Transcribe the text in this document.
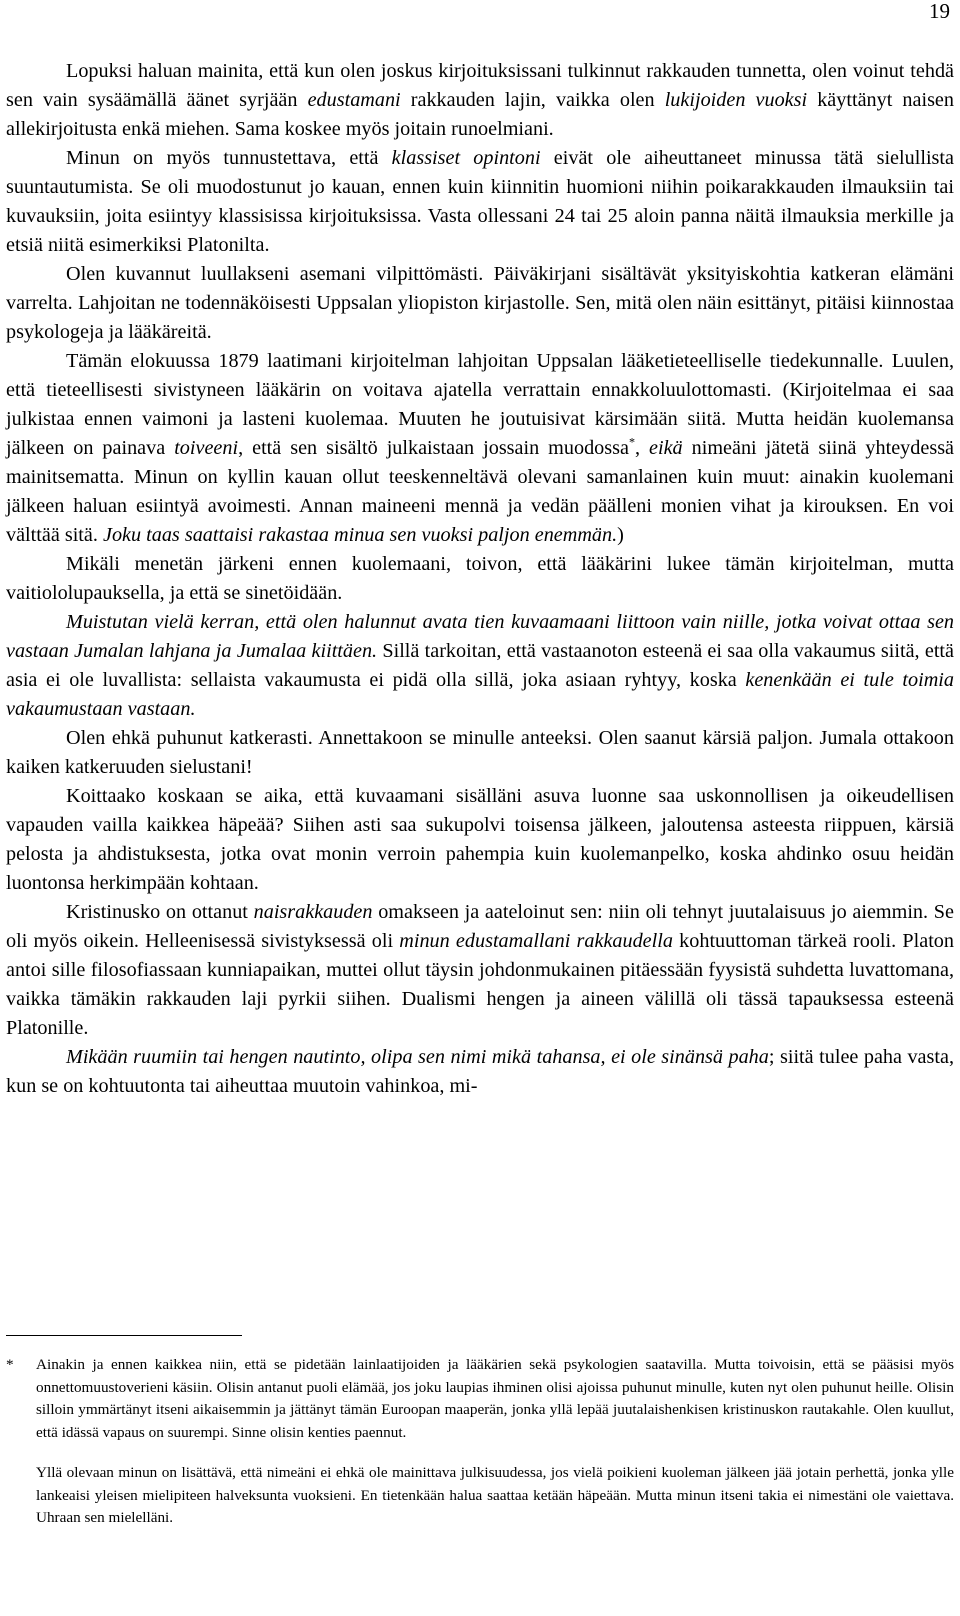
19

Lopuksi haluan mainita, että kun olen joskus kirjoituksissani tulkinnut rakkauden tunnetta, olen voinut tehdä sen vain sysäämällä äänet syrjään edustamani rakkauden lajin, vaikka olen lukijoiden vuoksi käyttänyt naisen allekirjoitusta enkä miehen. Sama koskee myös joitain runoelmiani.

Minun on myös tunnustettava, että klassiset opintoni eivät ole aiheuttaneet minussa tätä sielullista suuntautumista. Se oli muodostunut jo kauan, ennen kuin kiinnitin huomioni niihin poikarakkauden ilmauksiin tai kuvauksiin, joita esiintyy klassisissa kirjoituksissa. Vasta ollessani 24 tai 25 aloin panna näitä ilmauksia merkille ja etsiä niitä esimerkiksi Platonilta.

Olen kuvannut luullakseni asemani vilpittömästi. Päiväkirjani sisältävät yksityiskohtia katkeran elämäni varrelta. Lahjoitan ne todennäköisesti Uppsalan yliopiston kirjastolle. Sen, mitä olen näin esittänyt, pitäisi kiinnostaa psykologeja ja lääkäreitä.

Tämän elokuussa 1879 laatimani kirjoitelman lahjoitan Uppsalan lääketieteelliselle tiedekunnalle. Luulen, että tieteellisesti sivistyneen lääkärin on voitava ajatella verrattain ennakkoluulottomasti. (Kirjoitelmaa ei saa julkistaa ennen vaimoni ja lasteni kuolemaa. Muuten he joutuisivat kärsimään siitä. Mutta heidän kuolemansa jälkeen on painava toiveeni, että sen sisältö julkaistaan jossain muodossa*, eikä nimeäni jätetä siinä yhteydessä mainitsematta. Minun on kyllin kauan ollut teeskenneltävä olevani samanlainen kuin muut: ainakin kuolemani jälkeen haluan esiintyä avoimesti. Annan maineeni mennä ja vedän päälleni monien vihat ja kirouksen. En voi välttää sitä. Joku taas saattaisi rakastaa minua sen vuoksi paljon enemmän.)

Mikäli menetän järkeni ennen kuolemaani, toivon, että lääkärini lukee tämän kirjoitelman, mutta vaitiololupauksella, ja että se sinetöidään.

Muistutan vielä kerran, että olen halunnut avata tien kuvaamaani liittoon vain niille, jotka voivat ottaa sen vastaan Jumalan lahjana ja Jumalaa kiittäen. Sillä tarkoitan, että vastaanoton esteenä ei saa olla vakaumus siitä, että asia ei ole luvallista: sellaista vakaumusta ei pidä olla sillä, joka asiaan ryhtyy, koska kenenkään ei tule toimia vakaumustaan vastaan.

Olen ehkä puhunut katkerasti. Annettakoon se minulle anteeksi. Olen saanut kärsiä paljon. Jumala ottakoon kaiken katkeruuden sielustani!

Koittaako koskaan se aika, että kuvaamani sisälläni asuva luonne saa uskonnollisen ja oikeudellisen vapauden vailla kaikkea häpeää? Siihen asti saa sukupolvi toisensa jälkeen, jaloutensa asteesta riippuen, kärsiä pelosta ja ahdistuksesta, jotka ovat monin verroin pahempia kuin kuolemanpelko, koska ahdinko osuu heidän luontonsa herkimpään kohtaan.

Kristinusko on ottanut naisrakkauden omakseen ja aateloinut sen: niin oli tehnyt juutalaisuus jo aiemmin. Se oli myös oikein. Helleenisessä sivistyksessä oli minun edustamallani rakkaudella kohtuuttoman tärkeä rooli. Platon antoi sille filosofiassaan kunniapaikan, muttei ollut täysin johdonmukainen pitäessään fyysistä suhdetta luvattomana, vaikka tämäkin rakkauden laji pyrkii siihen. Dualismi hengen ja aineen välillä oli tässä tapauksessa esteenä Platonille.

Mikään ruumiin tai hengen nautinto, olipa sen nimi mikä tahansa, ei ole sinänsä paha; siitä tulee paha vasta, kun se on kohtuutonta tai aiheuttaa muutoin vahinkoa, mi-

* Ainakin ja ennen kaikkea niin, että se pidetään lainlaatijoiden ja lääkärien sekä psykologien saatavilla. Mutta toivoisin, että se pääsisi myös onnettomuustoverieni käsiin. Olisin antanut puoli elämää, jos joku laupias ihminen olisi ajoissa puhunut minulle, kuten nyt olen puhunut heille. Olisin silloin ymmärtänyt itseni aikaisemmin ja jättänyt tämän Euroopan maaperän, jonka yllä lepää juutalaishenkisen kristinuskon rautakahle. Olen kuullut, että idässä vapaus on suurempi. Sinne olisin kenties paennut.

Yllä olevaan minun on lisättävä, että nimeäni ei ehkä ole mainittava julkisuudessa, jos vielä poikieni kuoleman jälkeen jää jotain perhettä, jonka ylle lankeaisi yleisen mielipiteen halveksunta vuoksieni. En tietenkään halua saattaa ketään häpeään. Mutta minun itseni takia ei nimestäni ole vaiettava. Uhraan sen mielelläni.
